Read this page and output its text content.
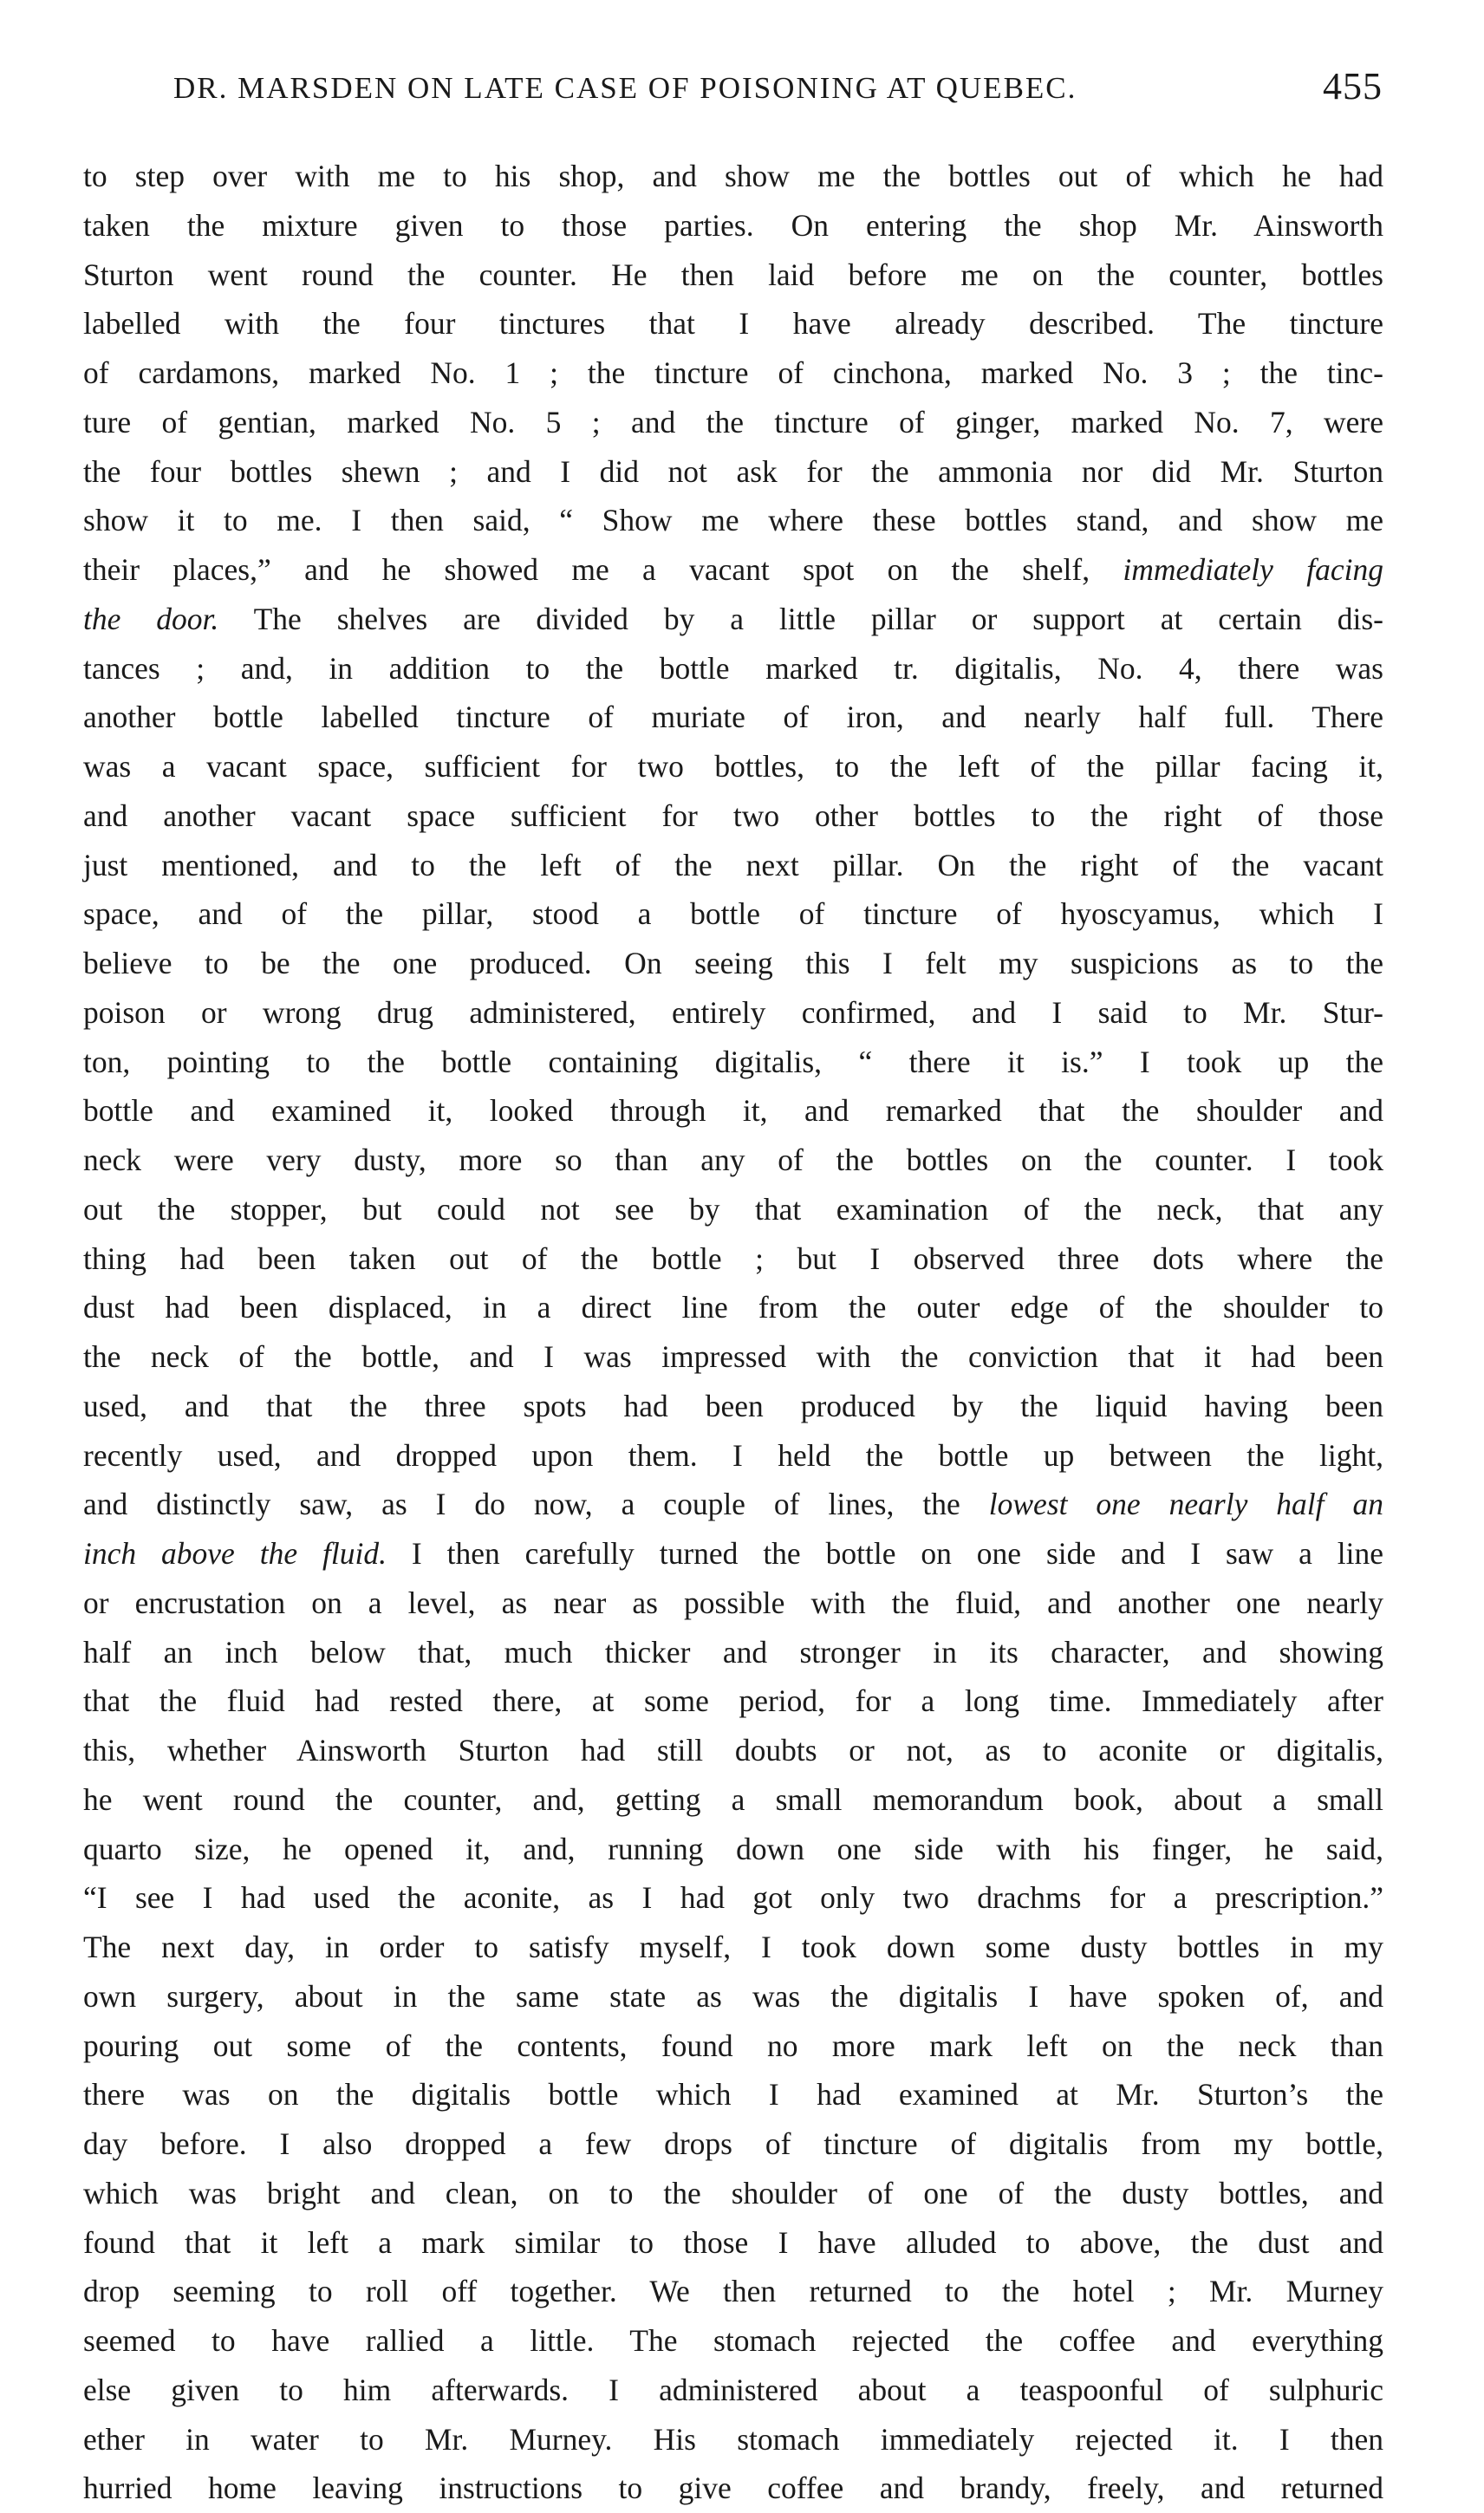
DR. MARSDEN ON LATE CASE OF POISONING AT QUEBEC.	455
to step over with me to his shop, and show me the bottles out of which he had
taken the mixture given to those parties. On entering the shop Mr. Ainsworth
Sturton went round the counter. He then laid before me on the counter, bottles
labelled with the four tinctures that I have already described. The tincture
of cardamons, marked No. 1 ; the tincture of cinchona, marked No. 3 ; the tinc-
ture of gentian, marked No. 5 ; and the tincture of ginger, marked No. 7, were
the four bottles shewn ; and I did not ask for the ammonia nor did Mr. Sturton
show it to me. I then said, “ Show me where these bottles stand, and show me
their places,” and he showed me a vacant spot on the shelf, immediately facing
the door. The shelves are divided by a little pillar or support at certain dis-
tances ; and, in addition to the bottle marked tr. digitalis, No. 4, there was
another bottle labelled tincture of muriate of iron, and nearly half full. There
was a vacant space, sufficient for two bottles, to the left of the pillar facing it,
and another vacant space sufficient for two other bottles to the right of those
just mentioned, and to the left of the next pillar. On the right of the vacant
space, and of the pillar, stood a bottle of tincture of hyoscyamus, which I
believe to be the one produced. On seeing this I felt my suspicions as to the
poison or wrong drug administered, entirely confirmed, and I said to Mr. Stur-
ton, pointing to the bottle containing digitalis, “ there it is.” I took up the
bottle and examined it, looked through it, and remarked that the shoulder and
neck were very dusty, more so than any of the bottles on the counter. I took
out the stopper, but could not see by that examination of the neck, that any
thing had been taken out of the bottle ; but I observed three dots where the
dust had been displaced, in a direct line from the outer edge of the shoulder to
the neck of the bottle, and I was impressed with the conviction that it had been
used, and that the three spots had been produced by the liquid having been
recently used, and dropped upon them. I held the bottle up between the light,
and distinctly saw, as I do now, a couple of lines, the lowest one nearly half an
inch above the fluid. I then carefully turned the bottle on one side and I saw a line
or encrustation on a level, as near as possible with the fluid, and another one nearly
half an inch below that, much thicker and stronger in its character, and showing
that the fluid had rested there, at some period, for a long time. Immediately after
this, whether Ainsworth Sturton had still doubts or not, as to aconite or digitalis,
he went round the counter, and, getting a small memorandum book, about a small
quarto size, he opened it, and, running down one side with his finger, he said,
“I see I had used the aconite, as I had got only two drachms for a prescription.”
The next day, in order to satisfy myself, I took down some dusty bottles in my
own surgery, about in the same state as was the digitalis I have spoken of, and
pouring out some of the contents, found no more mark left on the neck than
there was on the digitalis bottle which I had examined at Mr. Sturton’s the
day before. I also dropped a few drops of tincture of digitalis from my bottle,
which was bright and clean, on to the shoulder of one of the dusty bottles, and
found that it left a mark similar to those I have alluded to above, the dust and
drop seeming to roll off together. We then returned to the hotel ; Mr. Murney
seemed to have rallied a little. The stomach rejected the coffee and everything
else given to him afterwards. I administered about a teaspoonful of sulphuric
ether in water to Mr. Murney. His stomach immediately rejected it. I then
hurried home leaving instructions to give coffee and brandy, freely, and returned
